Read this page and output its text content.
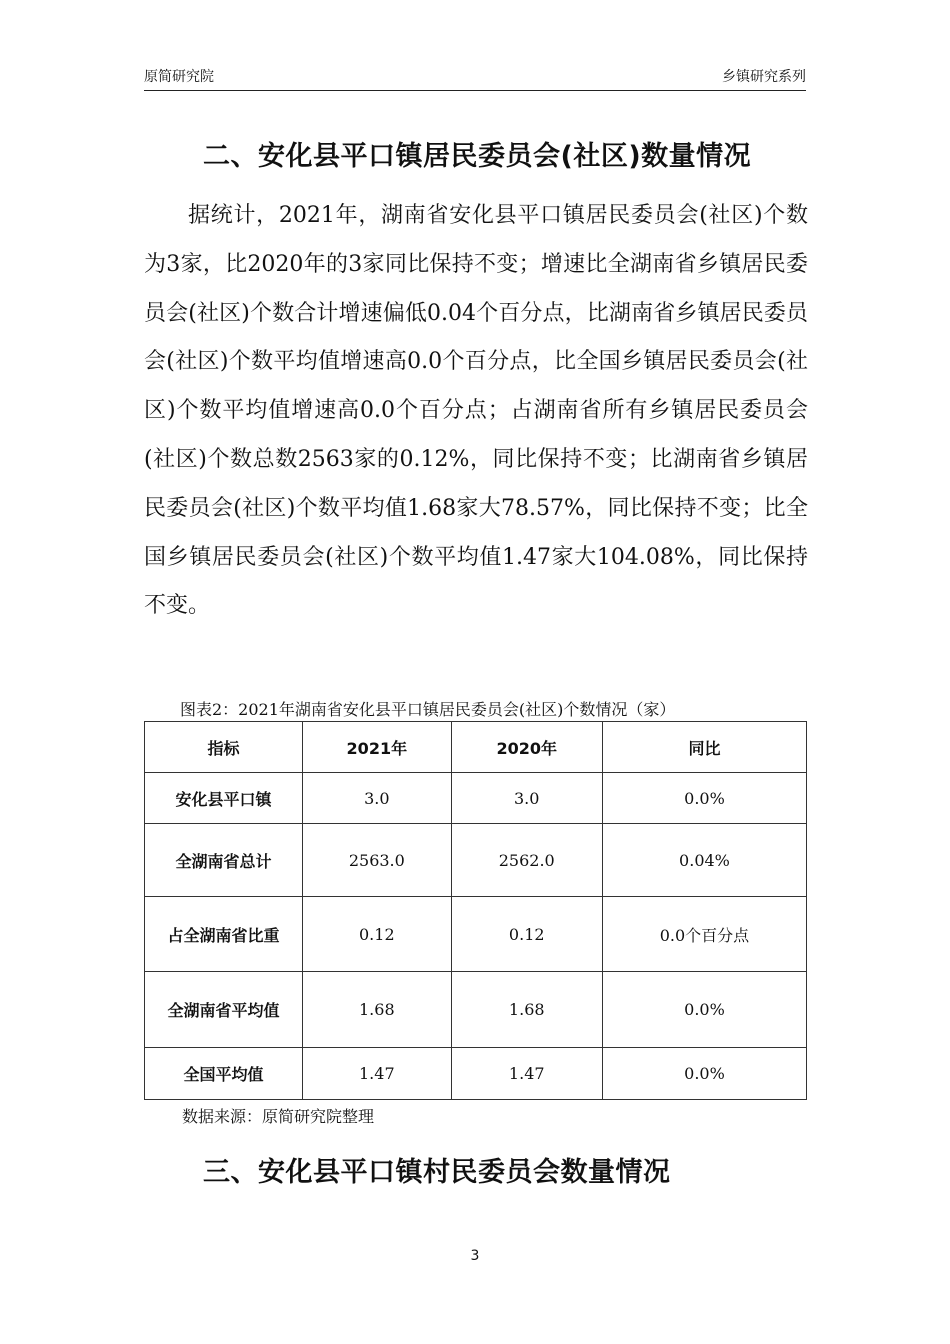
原简研究院	乡镇研究系列
二、安化县平口镇居民委员会(社区)数量情况

据统计，2021年，湖南省安化县平口镇居民委员会(社区)个数为3家，比2020年的3家同比保持不变；增速比全湖南省乡镇居民委员会(社区)个数合计增速偏低0.04个百分点，比湖南省乡镇居民委员会(社区)个数平均值增速高0.0个百分点，比全国乡镇居民委员会(社区)个数平均值增速高0.0个百分点；占湖南省所有乡镇居民委员会(社区)个数总数2563家的0.12%，同比保持不变；比湖南省乡镇居民委员会(社区)个数平均值1.68家大78.57%，同比保持不变；比全国乡镇居民委员会(社区)个数平均值1.47家大104.08%，同比保持不变。

图表2：2021年湖南省安化县平口镇居民委员会(社区)个数情况（家）
指标	2021年	2020年	同比
安化县平口镇	3.0	3.0	0.0%
全湖南省总计	2563.0	2562.0	0.04%
占全湖南省比重	0.12	0.12	0.0个百分点
全湖南省平均值	1.68	1.68	0.0%
全国平均值	1.47	1.47	0.0%
数据来源：原简研究院整理
三、安化县平口镇村民委员会数量情况
3
